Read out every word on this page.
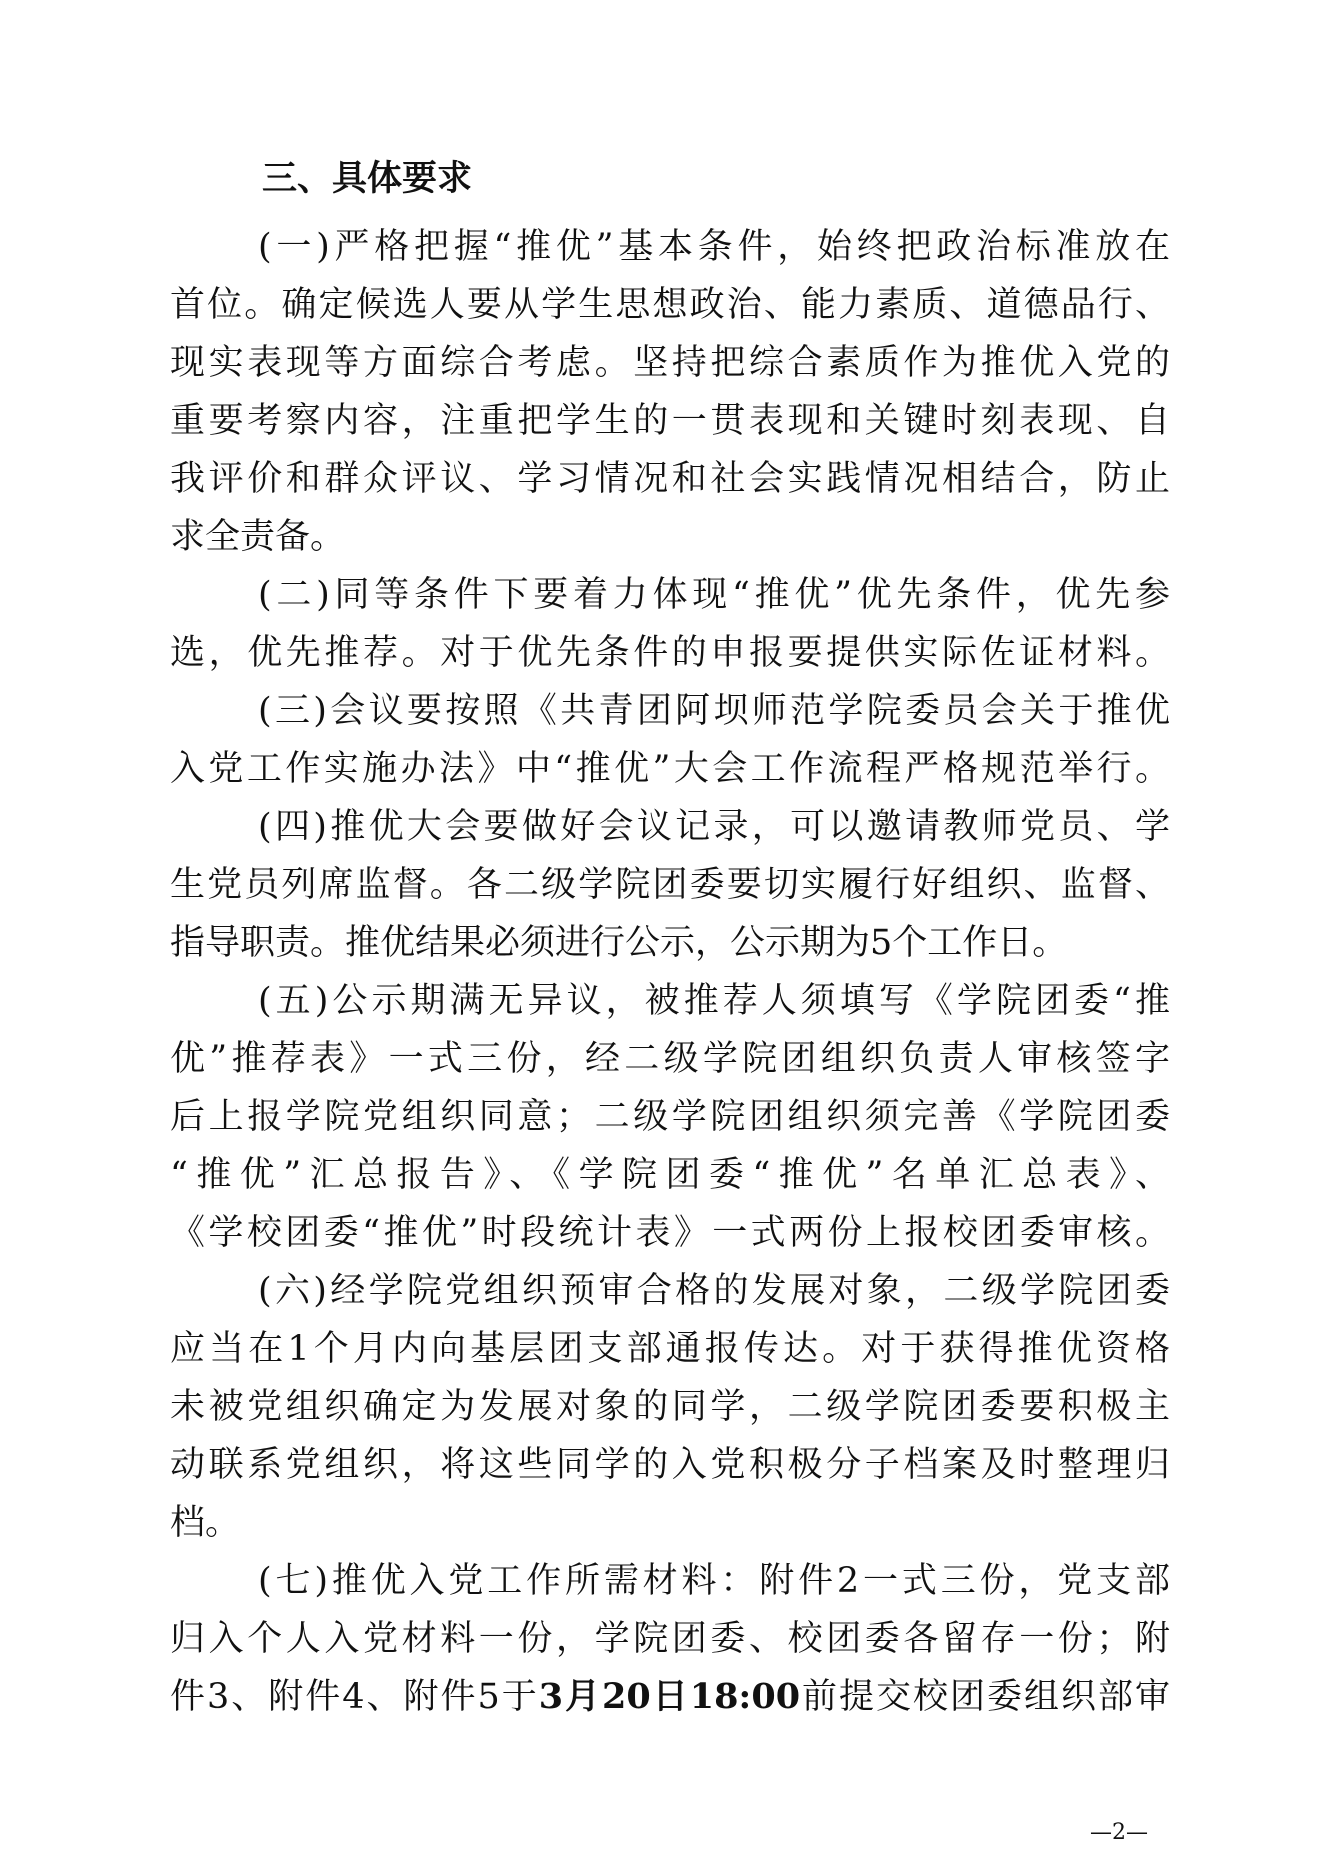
三、具体要求
(一)严格把握“推优”基本条件，始终把政治标准放在
首位。确定候选人要从学生思想政治、能力素质、道德品行、
现实表现等方面综合考虑。坚持把综合素质作为推优入党的
重要考察内容，注重把学生的一贯表现和关键时刻表现、自
我评价和群众评议、学习情况和社会实践情况相结合，防止
求全责备。
(二)同等条件下要着力体现“推优”优先条件，优先参
选，优先推荐。对于优先条件的申报要提供实际佐证材料。
(三)会议要按照《共青团阿坝师范学院委员会关于推优
入党工作实施办法》中“推优”大会工作流程严格规范举行。
(四)推优大会要做好会议记录，可以邀请教师党员、学
生党员列席监督。各二级学院团委要切实履行好组织、监督、
指导职责。推优结果必须进行公示，公示期为5个工作日。
(五)公示期满无异议，被推荐人须填写《学院团委“推
优”推荐表》一式三份，经二级学院团组织负责人审核签字
后上报学院党组织同意；二级学院团组织须完善《学院团委
“推优”汇总报告》、《学院团委“推优”名单汇总表》、
《学校团委“推优”时段统计表》一式两份上报校团委审核。
(六)经学院党组织预审合格的发展对象，二级学院团委
应当在1个月内向基层团支部通报传达。对于获得推优资格
未被党组织确定为发展对象的同学，二级学院团委要积极主
动联系党组织，将这些同学的入党积极分子档案及时整理归
档。
(七)推优入党工作所需材料：附件2一式三份，党支部
归入个人入党材料一份，学院团委、校团委各留存一份；附
件3、附件4、附件5于3月20日18:00前提交校团委组织部审
—2—
